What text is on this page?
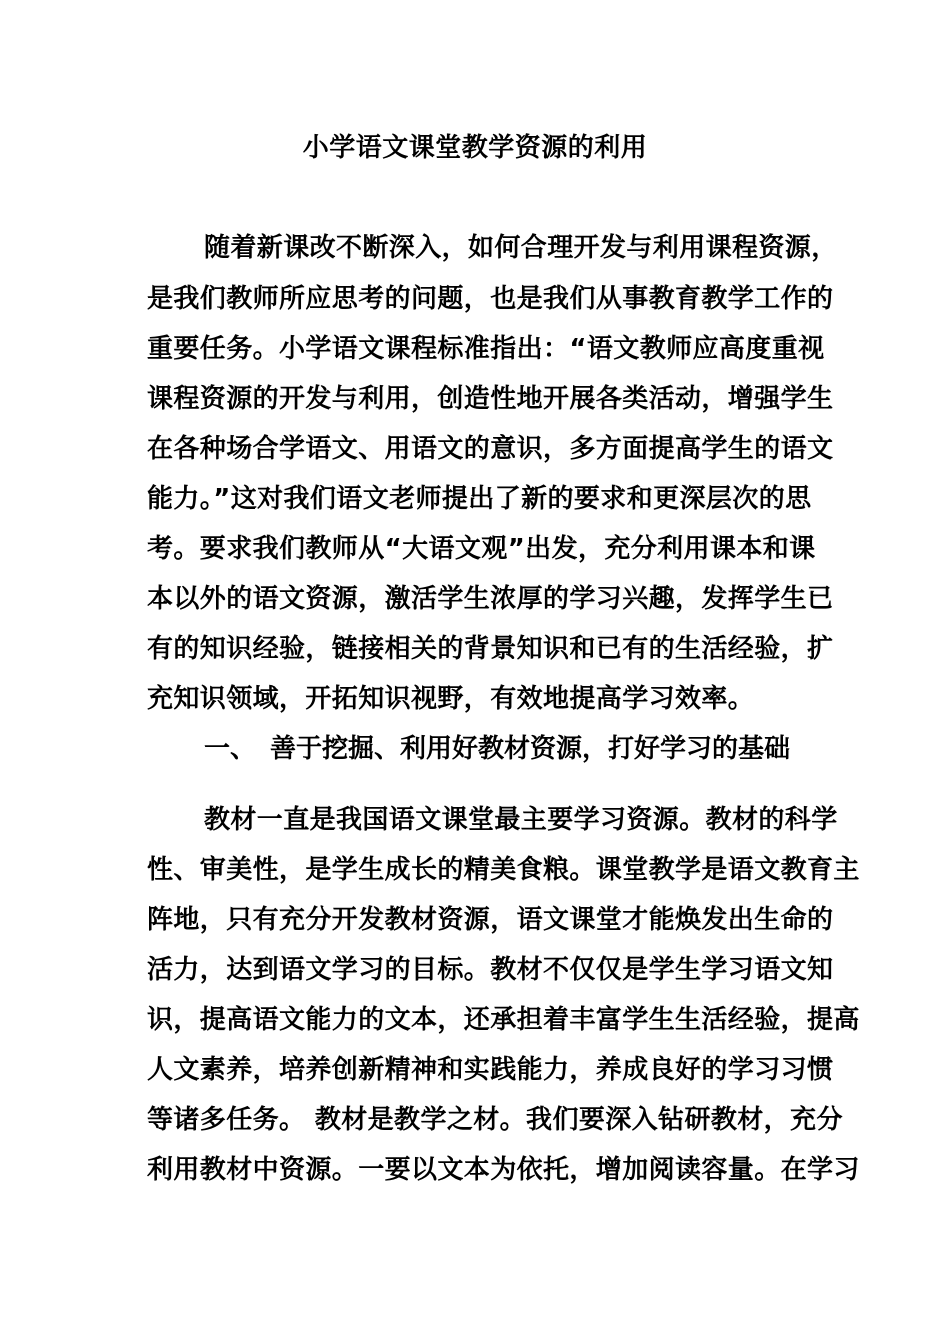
小学语文课堂教学资源的利用
随着新课改不断深入，如何合理开发与利用课程资源，
是我们教师所应思考的问题，也是我们从事教育教学工作的
重要任务。小学语文课程标准指出：“语文教师应高度重视
课程资源的开发与利用，创造性地开展各类活动，增强学生
在各种场合学语文、用语文的意识，多方面提高学生的语文
能力。”这对我们语文老师提出了新的要求和更深层次的思
考。要求我们教师从“大语文观”出发，充分利用课本和课
本以外的语文资源，激活学生浓厚的学习兴趣，发挥学生已
有的知识经验，链接相关的背景知识和已有的生活经验，扩
充知识领域，开拓知识视野，有效地提高学习效率。
一、 善于挖掘、利用好教材资源，打好学习的基础
教材一直是我国语文课堂最主要学习资源。教材的科学
性、审美性，是学生成长的精美食粮。课堂教学是语文教育主
阵地，只有充分开发教材资源，语文课堂才能焕发出生命的
活力，达到语文学习的目标。教材不仅仅是学生学习语文知
识，提高语文能力的文本，还承担着丰富学生生活经验，提高
人文素养，培养创新精神和实践能力，养成良好的学习习惯
等诸多任务。 教材是教学之材。我们要深入钻研教材，充分
利用教材中资源。一要以文本为依托，增加阅读容量。在学习
